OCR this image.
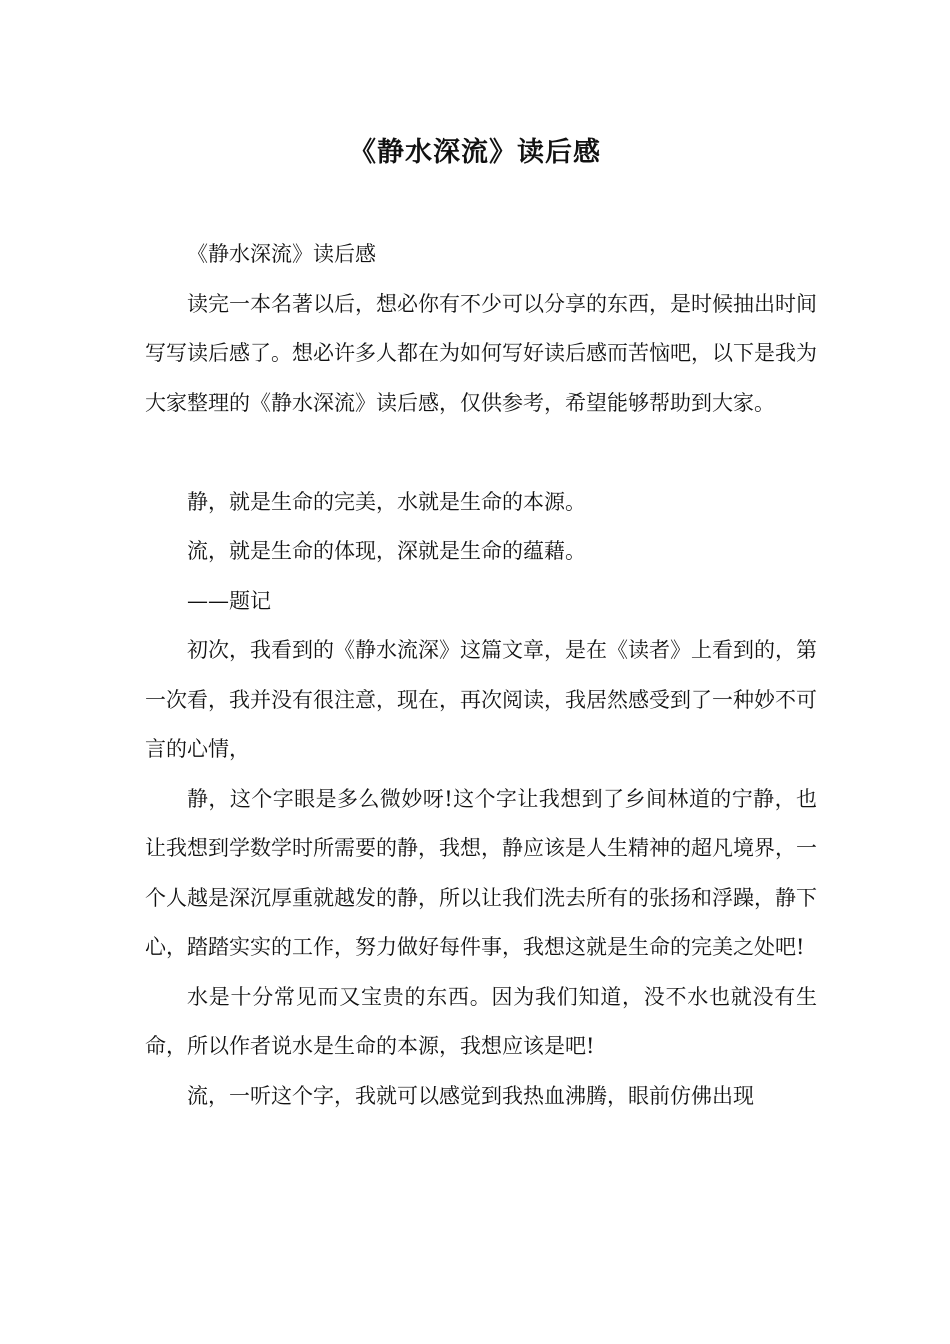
《静水深流》读后感

《静水深流》读后感

读完一本名著以后，想必你有不少可以分享的东西，是时候抽出时间写写读后感了。想必许多人都在为如何写好读后感而苦恼吧，以下是我为大家整理的《静水深流》读后感，仅供参考，希望能够帮助到大家。

静，就是生命的完美，水就是生命的本源。

流，就是生命的体现，深就是生命的蕴藉。

——题记

初次，我看到的《静水流深》这篇文章，是在《读者》上看到的，第一次看，我并没有很注意，现在，再次阅读，我居然感受到了一种妙不可言的心情，

静，这个字眼是多么微妙呀!这个字让我想到了乡间林道的宁静，也让我想到学数学时所需要的静，我想，静应该是人生精神的超凡境界，一个人越是深沉厚重就越发的静，所以让我们洗去所有的张扬和浮躁，静下心，踏踏实实的工作，努力做好每件事，我想这就是生命的完美之处吧!

水是十分常见而又宝贵的东西。因为我们知道，没不水也就没有生命，所以作者说水是生命的本源，我想应该是吧!

流，一听这个字，我就可以感觉到我热血沸腾，眼前仿佛出现
